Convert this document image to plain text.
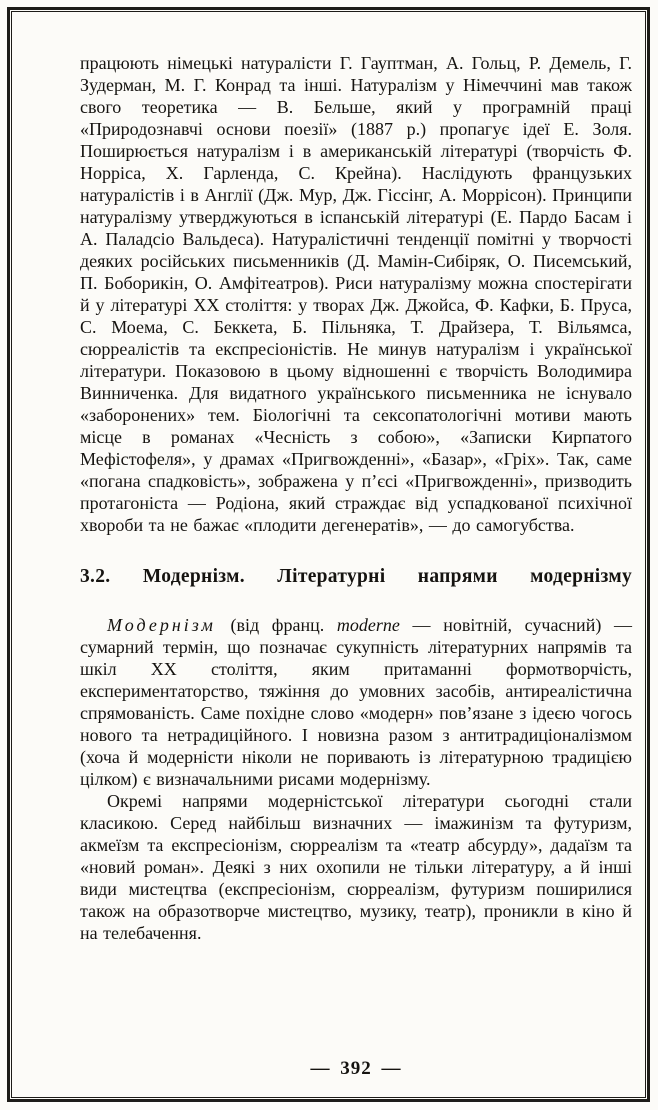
працюють німецькі натуралісти Г. Гауптман, А. Гольц, Р. Демель, Г. Зудерман, М. Г. Конрад та інші. Натуралізм у Німеччині мав також свого теоретика — В. Бельше, який у програмній праці «Природознавчі основи поезії» (1887 р.) пропагує ідеї Е. Золя. Поширюється натуралізм і в американській літературі (творчість Ф. Норріса, Х. Гарленда, С. Крейна). Наслідують французьких натуралістів і в Англії (Дж. Мур, Дж. Гіссінг, А. Моррісон). Принципи натуралізму утверджуються в іспанській літературі (Е. Пардо Басам і А. Паладсіо Вальдеса). Натуралістичні тенденції помітні у творчості деяких російських письменників (Д. Мамін-Сибіряк, О. Писемський, П. Боборикін, О. Амфітеатров). Риси натуралізму можна спостерігати й у літературі XX століття: у творах Дж. Джойса, Ф. Кафки, Б. Пруса, С. Моема, С. Беккета, Б. Пільняка, Т. Драйзера, Т. Вільямса, сюрреалістів та експресіоністів. Не минув натуралізм і української літератури. Показовою в цьому відношенні є творчість Володимира Винниченка. Для видатного українського письменника не існувало «заборонених» тем. Біологічні та сексопатологічні мотиви мають місце в романах «Чесність з собою», «Записки Кирпатого Мефістофеля», у драмах «Пригвожденні», «Базар», «Гріх». Так, саме «погана спадковість», зображена у п’єсі «Пригвожденні», призводить протагоніста — Родіона, який страждає від успадкованої психічної хвороби та не бажає «плодити дегенератів», — до самогубства.

3.2. Модернізм. Літературні напрями модернізму

Модернізм (від франц. moderne — новітній, сучасний) — сумарний термін, що позначає сукупність літературних напрямів та шкіл XX століття, яким притаманні формотворчість, експериментаторство, тяжіння до умовних засобів, антиреалістична спрямованість. Саме похідне слово «модерн» пов’язане з ідеєю чогось нового та нетрадиційного. І новизна разом з антитрадиціоналізмом (хоча й модерністи ніколи не поривають із літературною традицією цілком) є визначальними рисами модернізму.

Окремі напрями модерністської літератури сьогодні стали класикою. Серед найбільш визначних — імажинізм та футуризм, акмеїзм та експресіонізм, сюрреалізм та «театр абсурду», дадаїзм та «новий роман». Деякі з них охопили не тільки літературу, а й інші види мистецтва (експресіонізм, сюрреалізм, футуризм поширилися також на образотворче мистецтво, музику, театр), проникли в кіно й на телебачення.

— 392 —
